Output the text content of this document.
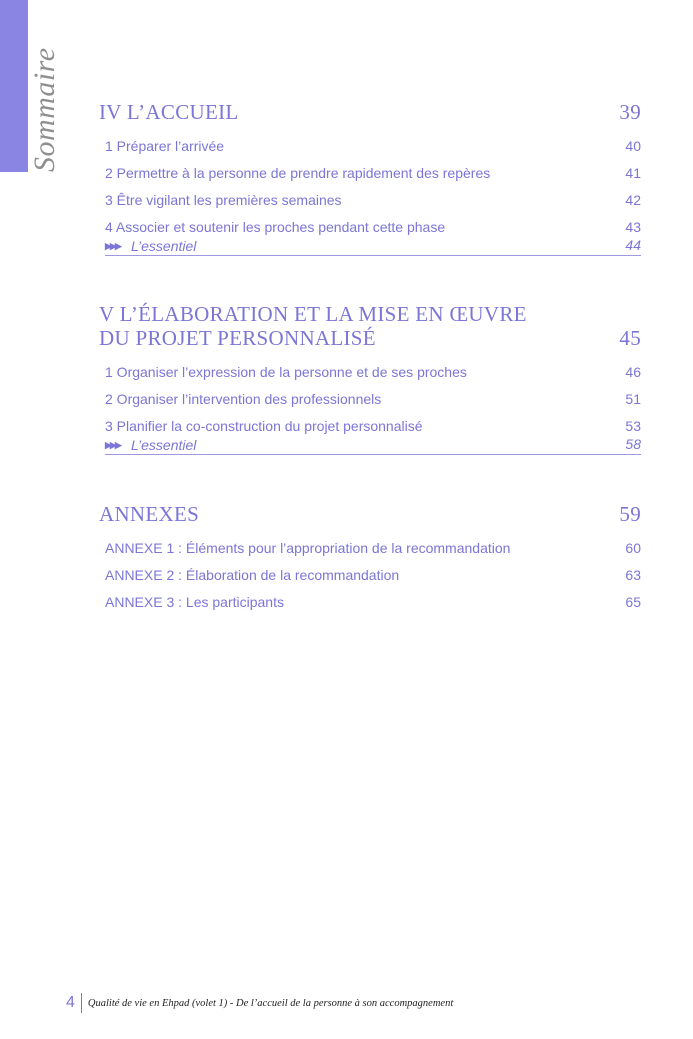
Sommaire IV L’ACCUEIL	39
1 Préparer l’arrivée	40
2 Permettre à la personne de prendre rapidement des repères	41
3 Être vigilant les premières semaines	42
4 Associer et soutenir les proches pendant cette phase	43
▶▶▶ L’essentiel	44
V L’ÉLABORATION ET LA MISE EN ŒUVRE
DU PROJET PERSONNALISÉ	45
1 Organiser l’expression de la personne et de ses proches	46
2 Organiser l’intervention des professionnels	51
3 Planifier la co-construction du projet personnalisé	53
▶▶▶ L’essentiel	58
ANNEXES	59
ANNEXE 1 : Éléments pour l’appropriation de la recommandation	60
ANNEXE 2 : Élaboration de la recommandation	63
ANNEXE 3 : Les participants	65
4 Qualité de vie en Ehpad (volet 1) - De l’accueil de la personne à son accompagnement
